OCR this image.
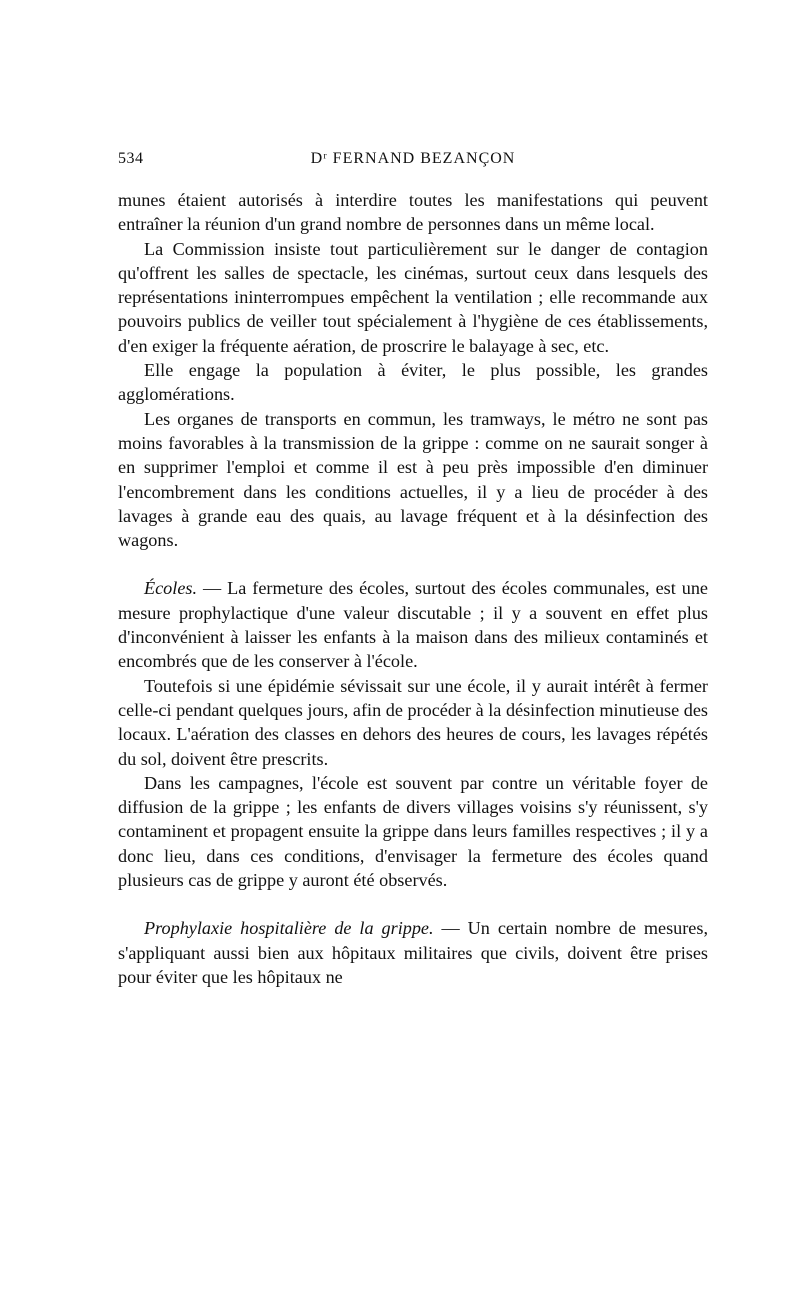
534	Dʳ FERNAND BEZANÇON

munes étaient autorisés à interdire toutes les manifestations qui peuvent entraîner la réunion d'un grand nombre de personnes dans un même local.

La Commission insiste tout particulièrement sur le danger de contagion qu'offrent les salles de spectacle, les cinémas, surtout ceux dans lesquels des représentations ininterrompues empêchent la ventilation ; elle recommande aux pouvoirs publics de veiller tout spécialement à l'hygiène de ces établissements, d'en exiger la fréquente aération, de proscrire le balayage à sec, etc.

Elle engage la population à éviter, le plus possible, les grandes agglomérations.

Les organes de transports en commun, les tramways, le métro ne sont pas moins favorables à la transmission de la grippe : comme on ne saurait songer à en supprimer l'emploi et comme il est à peu près impossible d'en diminuer l'encombrement dans les conditions actuelles, il y a lieu de procéder à des lavages à grande eau des quais, au lavage fréquent et à la désinfection des wagons.

Écoles. — La fermeture des écoles, surtout des écoles communales, est une mesure prophylactique d'une valeur discutable ; il y a souvent en effet plus d'inconvénient à laisser les enfants à la maison dans des milieux contaminés et encombrés que de les conserver à l'école.

Toutefois si une épidémie sévissait sur une école, il y aurait intérêt à fermer celle-ci pendant quelques jours, afin de procéder à la désinfection minutieuse des locaux. L'aération des classes en dehors des heures de cours, les lavages répétés du sol, doivent être prescrits.

Dans les campagnes, l'école est souvent par contre un véritable foyer de diffusion de la grippe ; les enfants de divers villages voisins s'y réunissent, s'y contaminent et propagent ensuite la grippe dans leurs familles respectives ; il y a donc lieu, dans ces conditions, d'envisager la fermeture des écoles quand plusieurs cas de grippe y auront été observés.

Prophylaxie hospitalière de la grippe. — Un certain nombre de mesures, s'appliquant aussi bien aux hôpitaux militaires que civils, doivent être prises pour éviter que les hôpitaux ne
